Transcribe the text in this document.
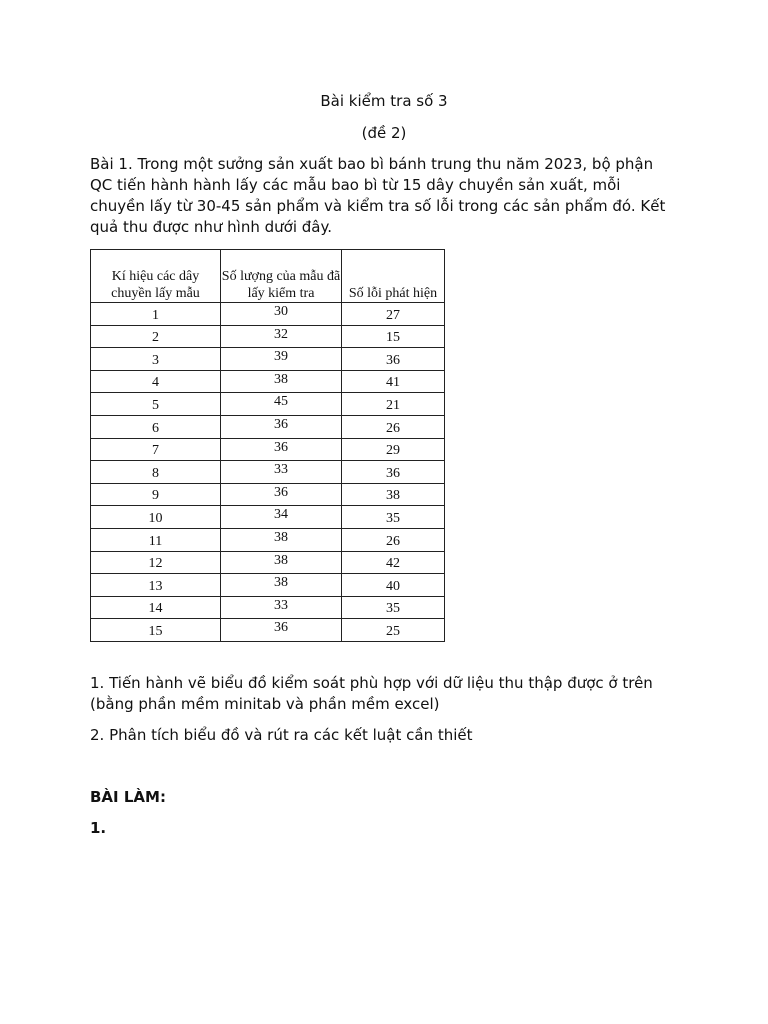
Bài kiểm tra số 3
(đề 2)

Bài 1. Trong một sưởng sản xuất bao bì bánh trung thu năm 2023, bộ phận QC tiến hành hành lấy các mẫu bao bì từ 15 dây chuyền sản xuất, mỗi chuyền lấy từ 30-45 sản phẩm và kiểm tra số lỗi trong các sản phẩm đó. Kết quả thu được như hình dưới đây.

Kí hiệu các dây chuyền lấy mẫu	Số lượng của mẫu đã lấy kiểm tra	Số lỗi phát hiện
1	30	27
2	32	15
3	39	36
4	38	41
5	45	21
6	36	26
7	36	29
8	33	36
9	36	38
10	34	35
11	38	26
12	38	42
13	38	40
14	33	35
15	36	25

1. Tiến hành vẽ biểu đồ kiểm soát phù hợp với dữ liệu thu thập được ở trên (bằng phần mềm minitab và phần mềm excel)

2. Phân tích biểu đồ và rút ra các kết luật cần thiết

BÀI LÀM:
1.
